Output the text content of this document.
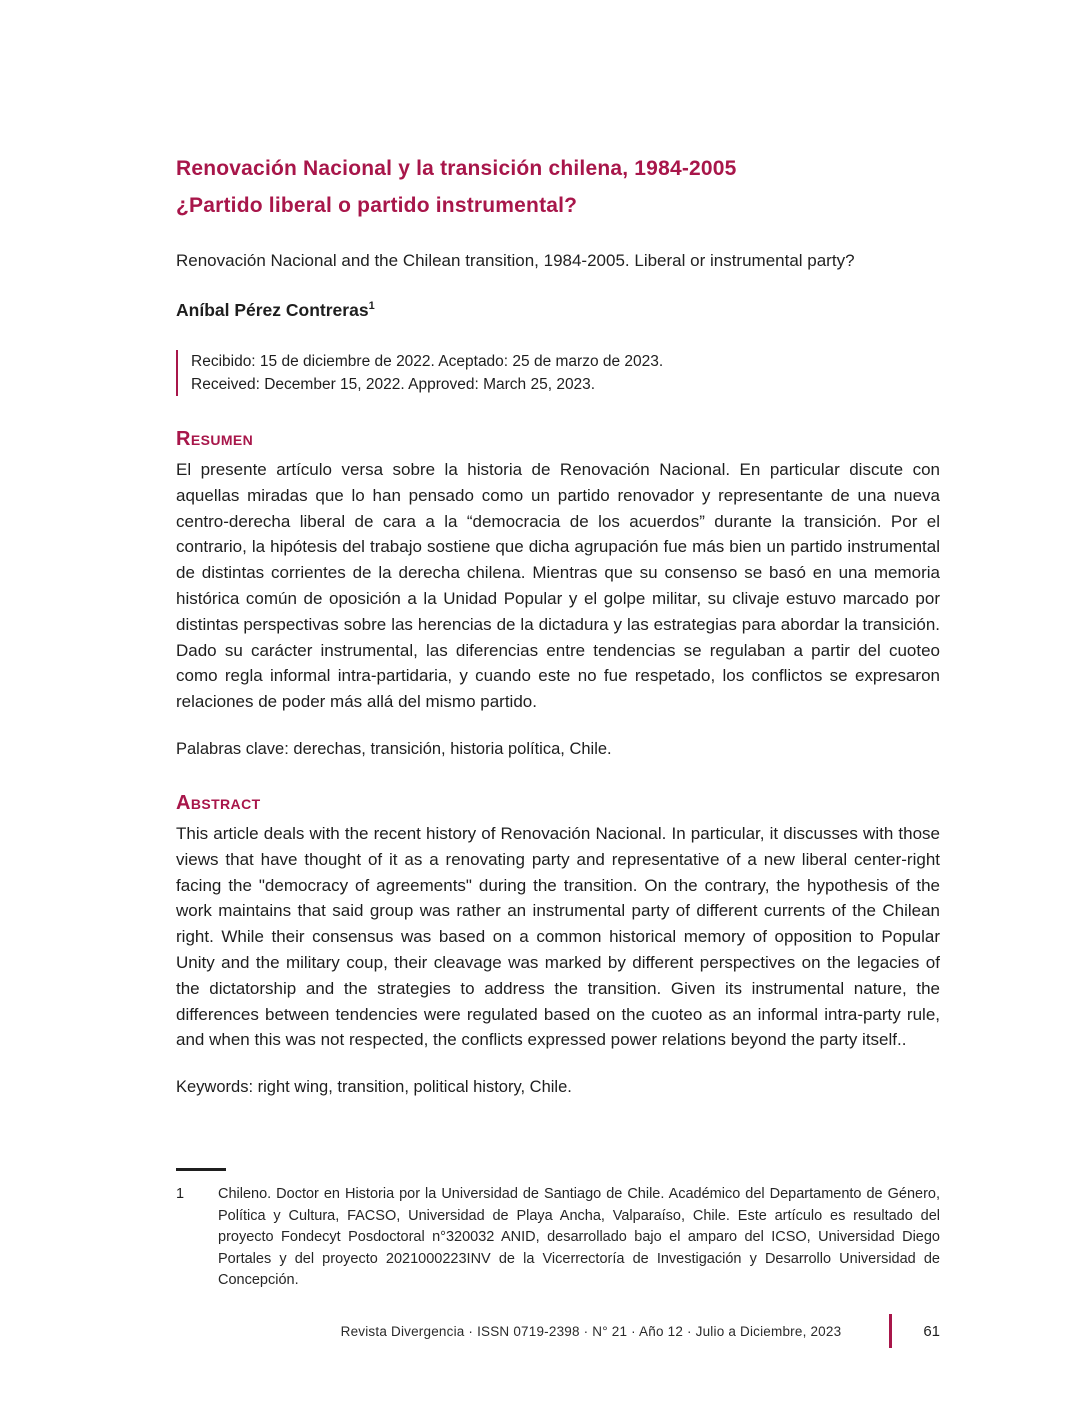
Renovación Nacional y la transición chilena, 1984-2005
¿Partido liberal o partido instrumental?

Renovación Nacional and the Chilean transition, 1984-2005. Liberal or instrumental party?

Aníbal Pérez Contreras$^1$

Recibido: 15 de diciembre de 2022. Aceptado: 25 de marzo de 2023.
Received: December 15, 2022. Approved: March 25, 2023.
Resumen

El presente artículo versa sobre la historia de Renovación Nacional. En particular discute con aquellas miradas que lo han pensado como un partido renovador y representante de una nueva centro-derecha liberal de cara a la “democracia de los acuerdos” durante la transición. Por el contrario, la hipótesis del trabajo sostiene que dicha agrupación fue más bien un partido instrumental de distintas corrientes de la derecha chilena. Mientras que su consenso se basó en una memoria histórica común de oposición a la Unidad Popular y el golpe militar, su clivaje estuvo marcado por distintas perspectivas sobre las herencias de la dictadura y las estrategias para abordar la transición. Dado su carácter instrumental, las diferencias entre tendencias se regulaban a partir del cuoteo como regla informal intra-partidaria, y cuando este no fue respetado, los conflictos se expresaron relaciones de poder más allá del mismo partido.

Palabras clave: derechas, transición, historia política, Chile.

Abstract

This article deals with the recent history of Renovación Nacional. In particular, it discusses with those views that have thought of it as a renovating party and representative of a new liberal center-right facing the "democracy of agreements" during the transition. On the contrary, the hypothesis of the work maintains that said group was rather an instrumental party of different currents of the Chilean right. While their consensus was based on a common historical memory of opposition to Popular Unity and the military coup, their cleavage was marked by different perspectives on the legacies of the dictatorship and the strategies to address the transition. Given its instrumental nature, the differences between tendencies were regulated based on the cuoteo as an informal intra-party rule, and when this was not respected, the conflicts expressed power relations beyond the party itself..

Keywords: right wing, transition, political history, Chile.

1	Chileno. Doctor en Historia por la Universidad de Santiago de Chile. Académico del Departamento de Género, Política y Cultura, FACSO, Universidad de Playa Ancha, Valparaíso, Chile. Este artículo es resultado del proyecto Fondecyt Posdoctoral n°320032 ANID, desarrollado bajo el amparo del ICSO, Universidad Diego Portales y del proyecto 2021000223INV de la Vicerrectoría de Investigación y Desarrollo Universidad de Concepción.

Revista Divergencia · ISSN 0719-2398 · N° 21 · Año 12 · Julio a Diciembre, 2023	61
